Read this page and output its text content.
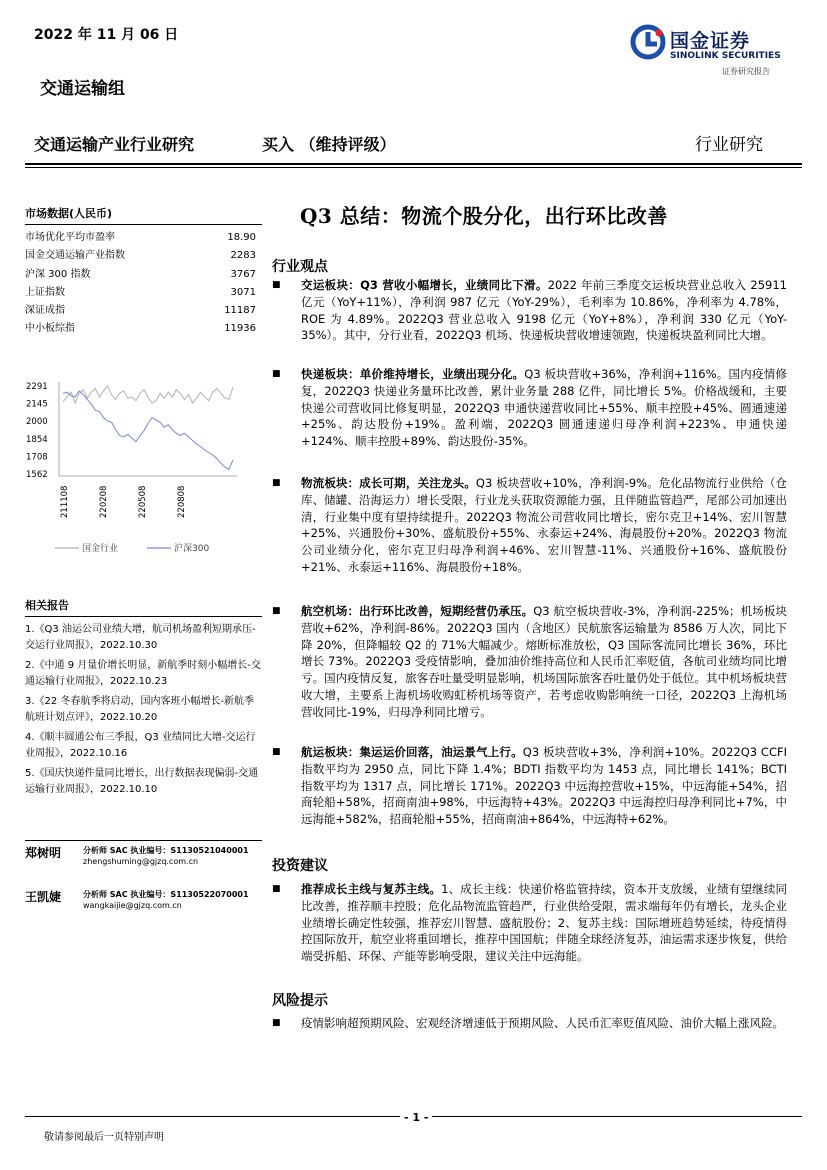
2022 年 11 月 06 日	国金证券
SINOLINK SECURITIES
证券研究报告
交通运输组
交通运输产业行业研究	买入 （维持评级）	行业研究
市场数据(人民币)
市场优化平均市盈率	18.90
国金交通运输产业指数	2283
沪深 300 指数	3767
上证指数	3071
深证成指	11187
中小板综指	11936
2291
2145
2000
1854
1708
1562
211108	220208	220508	220808
国金行业	沪深300
相关报告
1.《Q3 油运公司业绩大增，航司机场盈利短期承压-交运行业周报》，2022.10.30
2.《中通 9 月量价增长明显，新航季时刻小幅增长-交通运输行业周报》，2022.10.23
3.《22 冬春航季将启动，国内客班小幅增长-新航季航班计划点评》，2022.10.20
4.《顺丰圆通公布三季报，Q3 业绩同比大增-交运行业周报》，2022.10.16
5.《国庆快递件量同比增长，出行数据表现偏弱-交通运输行业周报》，2022.10.10
郑树明	分析师 SAC 执业编号：S1130521040001
zhengshuming@gjzq.com.cn
王凯婕	分析师 SAC 执业编号：S1130522070001
wangkaijie@gjzq.com.cn
Q3 总结：物流个股分化，出行环比改善
行业观点
■ 交运板块：Q3 营收小幅增长，业绩同比下滑。2022 年前三季度交运板块营业总收入 25911 亿元（YoY+11%），净利润 987 亿元（YoY-29%），毛利率为 10.86%，净利率为 4.78%，ROE 为 4.89%。2022Q3 营业总收入 9198 亿元（YoY+8%），净利润 330 亿元（YoY-35%）。其中，分行业看，2022Q3 机场、快递板块营收增速领跑，快递板块盈利同比大增。
■ 快递板块：单价维持增长，业绩出现分化。Q3 板块营收+36%，净利润+116%。国内疫情修复，2022Q3 快递业务量环比改善，累计业务量 288 亿件，同比增长 5%。价格战缓和，主要快递公司营收同比修复明显，2022Q3 申通快递营收同比+55%、顺丰控股+45%、圆通速递+25%、韵达股份+19%。盈利端，2022Q3 圆通速递归母净利润+223%、申通快递+124%、顺丰控股+89%、韵达股份-35%。
■ 物流板块：成长可期，关注龙头。Q3 板块营收+10%，净利润-9%。危化品物流行业供给（仓库、储罐、沿海运力）增长受限，行业龙头获取资源能力强，且伴随监管趋严，尾部公司加速出清，行业集中度有望持续提升。2022Q3 物流公司营收同比增长，密尔克卫+14%、宏川智慧+25%、兴通股份+30%、盛航股份+55%、永泰运+24%、海晨股份+20%。2022Q3 物流公司业绩分化，密尔克卫归母净利润+46%、宏川智慧-11%、兴通股份+16%、盛航股份+21%、永泰运+116%、海晨股份+18%。
■ 航空机场：出行环比改善，短期经营仍承压。Q3 航空板块营收-3%，净利润-225%；机场板块营收+62%，净利润-86%。2022Q3 国内（含地区）民航旅客运输量为 8586 万人次，同比下降 20%，但降幅较 Q2 的 71%大幅减少。熔断标准放松，Q3 国际客流同比增长 36%，环比增长 73%。2022Q3 受疫情影响，叠加油价维持高位和人民币汇率贬值，各航司业绩均同比增亏。国内疫情反复，旅客吞吐量受明显影响，机场国际旅客吞吐量仍处于低位。其中机场板块营收大增，主要系上海机场收购虹桥机场等资产，若考虑收购影响统一口径，2022Q3 上海机场营收同比-19%，归母净利同比增亏。
■ 航运板块：集运运价回落，油运景气上行。Q3 板块营收+3%，净利润+10%。2022Q3 CCFI 指数平均为 2950 点，同比下降 1.4%；BDTI 指数平均为 1453 点，同比增长 141%；BCTI 指数平均为 1317 点，同比增长 171%。2022Q3 中远海控营收+15%，中远海能+54%，招商轮船+58%，招商南油+98%，中远海特+43%。2022Q3 中远海控归母净利同比+7%，中远海能+582%，招商轮船+55%，招商南油+864%，中远海特+62%。
投资建议
■ 推荐成长主线与复苏主线。1、成长主线：快递价格监管持续，资本开支放缓，业绩有望继续同比改善，推荐顺丰控股；危化品物流监管趋严，行业供给受限，需求端每年仍有增长，龙头企业业绩增长确定性较强，推荐宏川智慧、盛航股份；2、复苏主线：国际增班趋势延续，待疫情得控国际放开，航空业将重回增长，推荐中国国航；伴随全球经济复苏，油运需求逐步恢复，供给端受拆船、环保、产能等影响受限，建议关注中远海能。
风险提示
■ 疫情影响超预期风险、宏观经济增速低于预期风险、人民币汇率贬值风险、油价大幅上涨风险。
- 1 -
敬请参阅最后一页特别声明
